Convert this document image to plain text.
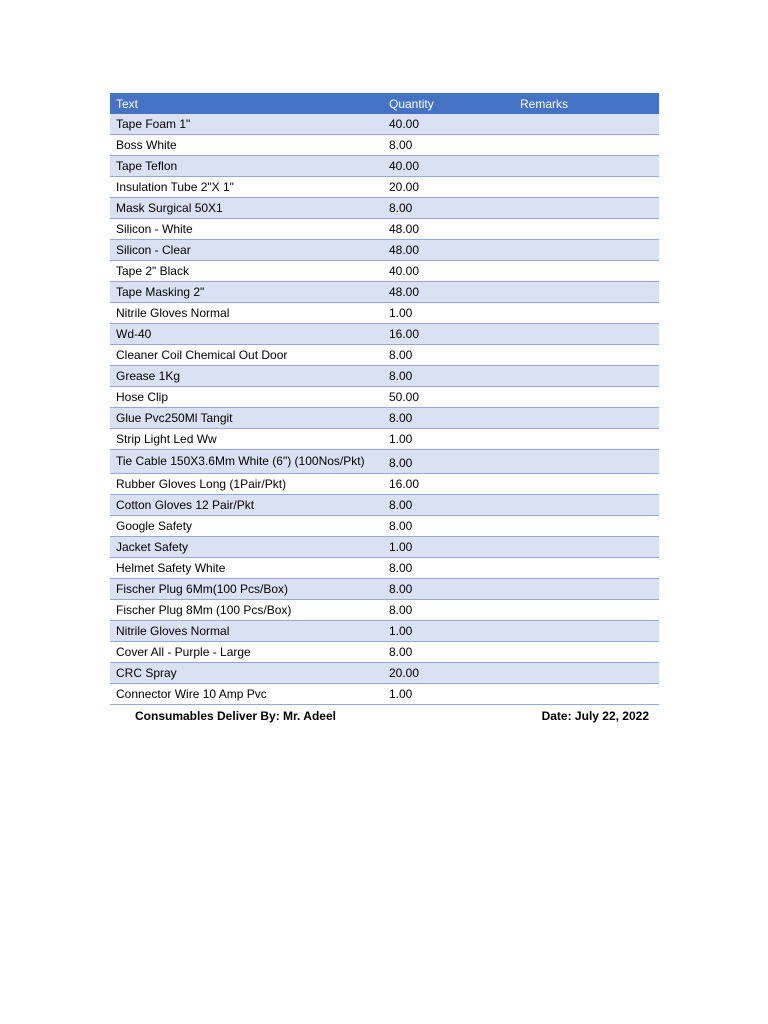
Text	Quantity	Remarks
Tape Foam 1"	40.00	
Boss White	8.00	
Tape Teflon	40.00	
Insulation Tube 2"X 1"	20.00	
Mask Surgical 50X1	8.00	
Silicon - White	48.00	
Silicon - Clear	48.00	
Tape 2" Black	40.00	
Tape Masking 2"	48.00	
Nitrile Gloves Normal	1.00	
Wd-40	16.00	
Cleaner Coil Chemical Out Door	8.00	
Grease 1Kg	8.00	
Hose Clip	50.00	
Glue Pvc250Ml Tangit	8.00	
Strip Light Led Ww	1.00	
Tie Cable 150X3.6Mm White (6") (100Nos/Pkt)	8.00	
Rubber Gloves Long (1Pair/Pkt)	16.00	
Cotton Gloves 12 Pair/Pkt	8.00	
Google Safety	8.00	
Jacket Safety	1.00	
Helmet Safety White	8.00	
Fischer Plug 6Mm(100 Pcs/Box)	8.00	
Fischer Plug 8Mm (100 Pcs/Box)	8.00	
Nitrile Gloves Normal	1.00	
Cover All - Purple - Large	8.00	
CRC Spray	20.00	
Connector Wire 10 Amp Pvc	1.00	
Consumables Deliver By: Mr. Adeel	Date: July 22, 2022
